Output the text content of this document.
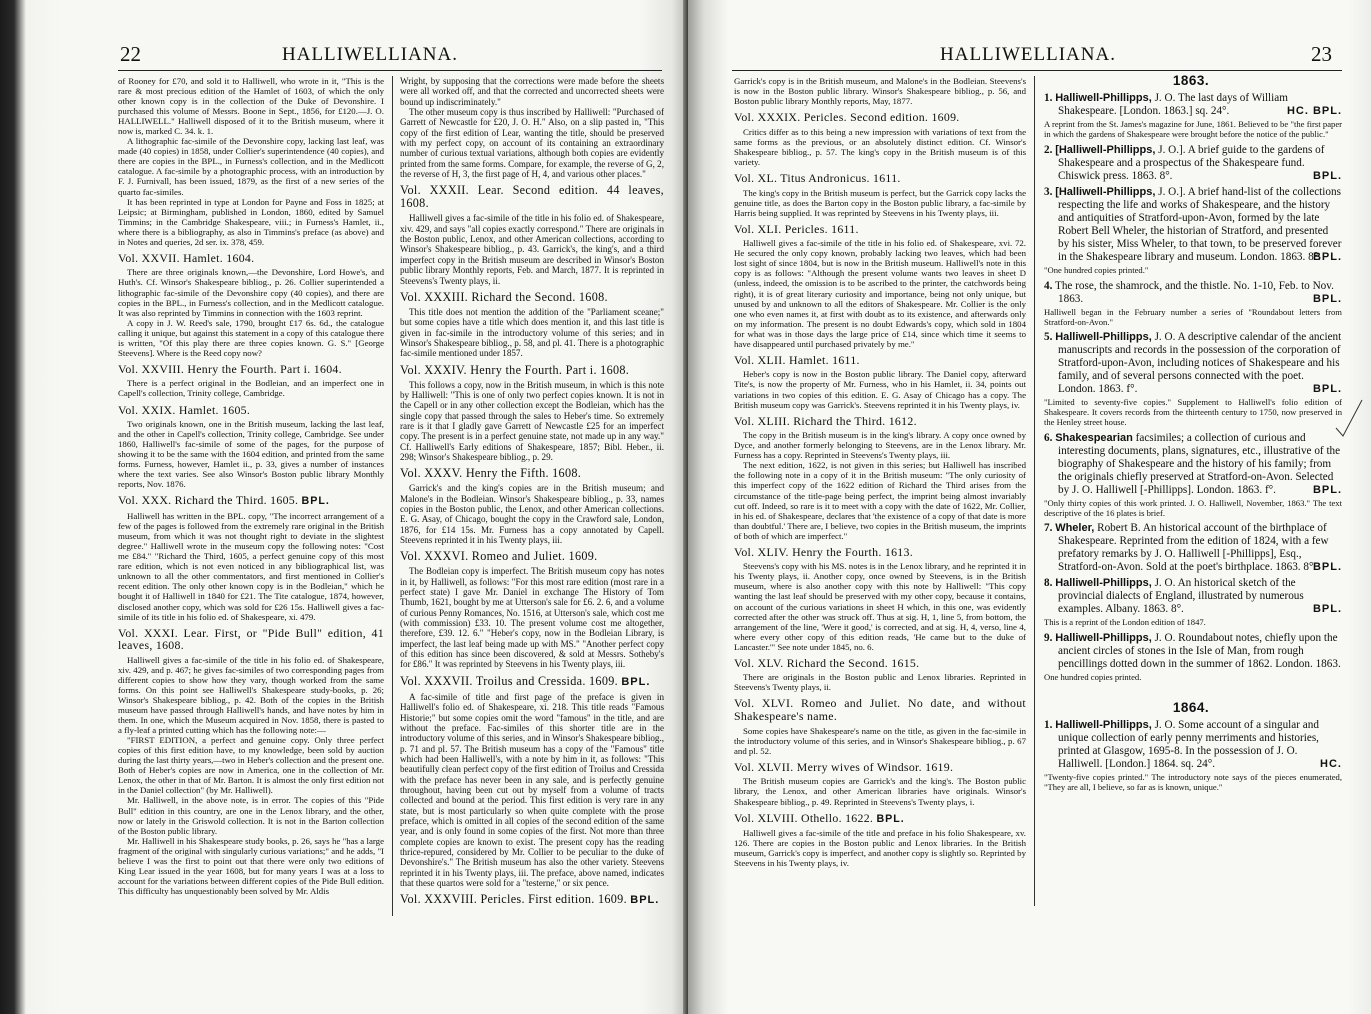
22	HALLIWELLIANA.

of Rooney for £70, and sold it to Halliwell, who wrote in it, "This is the rare & most precious edition of the Hamlet of 1603, of which the only other known copy is in the collection of the Duke of Devonshire. I purchased this volume of Messrs. Boone in Sept., 1856, for £120.—J. O. HALLIWELL." Halliwell disposed of it to the British museum, where it now is, marked C. 34. k. 1.

A lithographic fac-simile of the Devonshire copy, lacking last leaf, was made (40 copies) in 1858, under Collier's superintendence (40 copies), and there are copies in the BPL., in Furness's collection, and in the Medlicott catalogue. A fac-simile by a photographic process, with an introduction by F. J. Furnivall, has been issued, 1879, as the first of a new series of the quarto fac-similes.

It has been reprinted in type at London for Payne and Foss in 1825; at Leipsic; at Birmingham, published in London, 1860, edited by Samuel Timmins; in the Cambridge Shakespeare, viii.; in Furness's Hamlet, ii., where there is a bibliography, as also in Timmins's preface (as above) and in Notes and queries, 2d ser. ix. 378, 459.

Vol. XXVII. Hamlet. 1604.

There are three originals known,—the Devonshire, Lord Howe's, and Huth's. Cf. Winsor's Shakespeare bibliog., p. 26. Collier superintended a lithographic fac-simile of the Devonshire copy (40 copies), and there are copies in the BPL., in Furness's collection, and in the Medlicott catalogue. It was also reprinted by Timmins in connection with the 1603 reprint.

A copy in J. W. Reed's sale, 1790, brought £17 6s. 6d., the catalogue calling it unique, but against this statement in a copy of this catalogue there is written, "Of this play there are three copies known. G. S." [George Steevens]. Where is the Reed copy now?

Vol. XXVIII. Henry the Fourth. Part i. 1604.

There is a perfect original in the Bodleian, and an imperfect one in Capell's collection, Trinity college, Cambridge.

Vol. XXIX. Hamlet. 1605.

Two originals known, one in the British museum, lacking the last leaf, and the other in Capell's collection, Trinity college, Cambridge. See under 1860, Halliwell's fac-simile of some of the pages, for the purpose of showing it to be the same with the 1604 edition, and printed from the same forms. Furness, however, Hamlet ii., p. 33, gives a number of instances where the text varies. See also Winsor's Boston public library Monthly reports, Nov. 1876.

Vol. XXX. Richard the Third. 1605. BPL.

Halliwell has written in the BPL. copy, "The incorrect arrangement of a few of the pages is followed from the extremely rare original in the British museum, from which it was not thought right to deviate in the slightest degree." Halliwell wrote in the museum copy the following notes: "Cost me £84." "Richard the Third, 1605, a perfect genuine copy of this most rare edition, which is not even noticed in any bibliographical list, was unknown to all the other commentators, and first mentioned in Collier's recent edition. The only other known copy is in the Bodleian," which he bought it of Halliwell in 1840 for £21. The Tite catalogue, 1874, however, disclosed another copy, which was sold for £26 15s. Halliwell gives a fac-simile of its title in his folio ed. of Shakespeare, xi. 479.

Vol. XXXI. Lear. First, or "Pide Bull" edition, 41 leaves, 1608.

Halliwell gives a fac-simile of the title in his folio ed. of Shakespeare, xiv. 429, and p. 467; he gives fac-similes of two corresponding pages from different copies to show how they vary, though worked from the same forms. On this point see Halliwell's Shakespeare study-books, p. 26; Winsor's Shakespeare bibliog., p. 42. Both of the copies in the British museum have passed through Halliwell's hands, and have notes by him in them. In one, which the Museum acquired in Nov. 1858, there is pasted to a fly-leaf a printed cutting which has the following note:—

"FIRST EDITION, a perfect and genuine copy. Only three perfect copies of this first edition have, to my knowledge, been sold by auction during the last thirty years,—two in Heber's collection and the present one. Both of Heber's copies are now in America, one in the collection of Mr. Lenox, the other in that of Mr. Barton. It is almost the only first edition not in the Daniel collection" (by Mr. Halliwell).

Mr. Halliwell, in the above note, is in error. The copies of this "Pide Bull" edition in this country, are one in the Lenox library, and the other, now or lately in the Griswold collection. It is not in the Barton collection of the Boston public library.

Mr. Halliwell in his Shakespeare study books, p. 26, says he "has a large fragment of the original with singularly curious variations;" and he adds, "I believe I was the first to point out that there were only two editions of King Lear issued in the year 1608, but for many years I was at a loss to account for the variations between different copies of the Pide Bull edition. This difficulty has unquestionably been solved by Mr. Aldis

Wright, by supposing that the corrections were made before the sheets were all worked off, and that the corrected and uncorrected sheets were bound up indiscriminately."

The other museum copy is thus inscribed by Halliwell: "Purchased of Garrett of Newcastle for £20, J. O. H." Also, on a slip pasted in, "This copy of the first edition of Lear, wanting the title, should be preserved with my perfect copy, on account of its containing an extraordinary number of curious textual variations, although both copies are evidently printed from the same forms. Compare, for example, the reverse of G, 2, the reverse of H, 3, the first page of H, 4, and various other places."

Vol. XXXII. Lear. Second edition. 44 leaves, 1608.

Halliwell gives a fac-simile of the title in his folio ed. of Shakespeare, xiv. 429, and says "all copies exactly correspond." There are originals in the Boston public, Lenox, and other American collections, according to Winsor's Shakespeare bibliog., p. 43. Garrick's, the king's, and a third imperfect copy in the British museum are described in Winsor's Boston public library Monthly reports, Feb. and March, 1877. It is reprinted in Steevens's Twenty plays, ii.

Vol. XXXIII. Richard the Second. 1608.

This title does not mention the addition of the "Parliament sceane;" but some copies have a title which does mention it, and this last title is given in fac-simile in the introductory volume of this series; and in Winsor's Shakespeare bibliog., p. 58, and pl. 41. There is a photographic fac-simile mentioned under 1857.

Vol. XXXIV. Henry the Fourth. Part i. 1608.

This follows a copy, now in the British museum, in which is this note by Halliwell: "This is one of only two perfect copies known. It is not in the Capell or in any other collection except the Bodleian, which has the single copy that passed through the sales to Heber's time. So extremely rare is it that I gladly gave Garrett of Newcastle £25 for an imperfect copy. The present is in a perfect genuine state, not made up in any way." Cf. Halliwell's Early editions of Shakespeare, 1857; Bibl. Heber., ii. 298; Winsor's Shakespeare bibliog., p. 29.

Vol. XXXV. Henry the Fifth. 1608.

Garrick's and the king's copies are in the British museum; and Malone's in the Bodleian. Winsor's Shakespeare bibliog., p. 33, names copies in the Boston public, the Lenox, and other American collections. E. G. Asay, of Chicago, bought the copy in the Crawford sale, London, 1876, for £14 15s. Mr. Furness has a copy annotated by Capell. Steevens reprinted it in his Twenty plays, iii.

Vol. XXXVI. Romeo and Juliet. 1609.

The Bodleian copy is imperfect. The British museum copy has notes in it, by Halliwell, as follows: "For this most rare edition (most rare in a perfect state) I gave Mr. Daniel in exchange The History of Tom Thumb, 1621, bought by me at Utterson's sale for £6. 2. 6, and a volume of curious Penny Romances, No. 1516, at Utterson's sale, which cost me (with commission) £33. 10. The present volume cost me altogether, therefore, £39. 12. 6." "Heber's copy, now in the Bodleian Library, is imperfect, the last leaf being made up with MS." "Another perfect copy of this edition has since been discovered, & sold at Messrs. Sotheby's for £86." It was reprinted by Steevens in his Twenty plays, iii.

Vol. XXXVII. Troilus and Cressida. 1609. BPL.

A fac-simile of title and first page of the preface is given in Halliwell's folio ed. of Shakespeare, xi. 218. This title reads "Famous Historie;" but some copies omit the word "famous" in the title, and are without the preface. Fac-similes of this shorter title are in the introductory volume of this series, and in Winsor's Shakespeare bibliog., p. 71 and pl. 57. The British museum has a copy of the "Famous" title which had been Halliwell's, with a note by him in it, as follows: "This beautifully clean perfect copy of the first edition of Troilus and Cressida with the preface has never been in any sale, and is perfectly genuine throughout, having been cut out by myself from a volume of tracts collected and bound at the period. This first edition is very rare in any state, but is most particularly so when quite complete with the prose preface, which is omitted in all copies of the second edition of the same year, and is only found in some copies of the first. Not more than three complete copies are known to exist. The present copy has the reading thrice-repured, considered by Mr. Collier to be peculiar to the duke of Devonshire's." The British museum has also the other variety. Steevens reprinted it in his Twenty plays, iii. The preface, above named, indicates that these quartos were sold for a "testerne," or six pence.

Vol. XXXVIII. Pericles. First edition. 1609. BPL.
HALLIWELLIANA.	23

Garrick's copy is in the British museum, and Malone's in the Bodleian. Steevens's is now in the Boston public library. Winsor's Shakespeare bibliog., p. 56, and Boston public library Monthly reports, May, 1877.

Vol. XXXIX. Pericles. Second edition. 1609.

Critics differ as to this being a new impression with variations of text from the same forms as the previous, or an absolutely distinct edition. Cf. Winsor's Shakespeare bibliog., p. 57. The king's copy in the British museum is of this variety.

Vol. XL. Titus Andronicus. 1611.

The king's copy in the British museum is perfect, but the Garrick copy lacks the genuine title, as does the Barton copy in the Boston public library, a fac-simile by Harris being supplied. It was reprinted by Steevens in his Twenty plays, iii.

Vol. XLI. Pericles. 1611.

Halliwell gives a fac-simile of the title in his folio ed. of Shakespeare, xvi. 72. He secured the only copy known, probably lacking two leaves, which had been lost sight of since 1804, but is now in the British museum. Halliwell's note in this copy is as follows: "Although the present volume wants two leaves in sheet D (unless, indeed, the omission is to be ascribed to the printer, the catchwords being right), it is of great literary curiosity and importance, being not only unique, but unused by and unknown to all the editors of Shakespeare. Mr. Collier is the only one who even names it, at first with doubt as to its existence, and afterwards only on my information. The present is no doubt Edwards's copy, which sold in 1804 for what was in those days the large price of £14, since which time it seems to have disappeared until purchased privately by me."

Vol. XLII. Hamlet. 1611.

Heber's copy is now in the Boston public library. The Daniel copy, afterward Tite's, is now the property of Mr. Furness, who in his Hamlet, ii. 34, points out variations in two copies of this edition. E. G. Asay of Chicago has a copy. The British museum copy was Garrick's. Steevens reprinted it in his Twenty plays, iv.

Vol. XLIII. Richard the Third. 1612.

The copy in the British museum is in the king's library. A copy once owned by Dyce, and another formerly belonging to Steevens, are in the Lenox library. Mr. Furness has a copy. Reprinted in Steevens's Twenty plays, iii.

The next edition, 1622, is not given in this series; but Halliwell has inscribed the following note in a copy of it in the British museum: "The only curiosity of this imperfect copy of the 1622 edition of Richard the Third arises from the circumstance of the title-page being perfect, the imprint being almost invariably cut off. Indeed, so rare is it to meet with a copy with the date of 1622, Mr. Collier, in his ed. of Shakespeare, declares that 'the existence of a copy of that date is more than doubtful.' There are, I believe, two copies in the British museum, the imprints of both of which are imperfect."

Vol. XLIV. Henry the Fourth. 1613.

Steevens's copy with his MS. notes is in the Lenox library, and he reprinted it in his Twenty plays, ii. Another copy, once owned by Steevens, is in the British museum, where is also another copy with this note by Halliwell: "This copy wanting the last leaf should be preserved with my other copy, because it contains, on account of the curious variations in sheet H which, in this one, was evidently corrected after the other was struck off. Thus at sig. H, 1, line 5, from bottom, the arrangement of the line, 'Were it good,' is corrected, and at sig. H, 4, verso, line 4, where every other copy of this edition reads, 'He came but to the duke of Lancaster.'" See note under 1845, no. 6.

Vol. XLV. Richard the Second. 1615.

There are originals in the Boston public and Lenox libraries. Reprinted in Steevens's Twenty plays, ii.

Vol. XLVI. Romeo and Juliet. No date, and without Shakespeare's name.

Some copies have Shakespeare's name on the title, as given in the fac-simile in the introductory volume of this series, and in Winsor's Shakespeare bibliog., p. 67 and pl. 52.

Vol. XLVII. Merry wives of Windsor. 1619.

The British museum copies are Garrick's and the king's. The Boston public library, the Lenox, and other American libraries have originals. Winsor's Shakespeare bibliog., p. 49. Reprinted in Steevens's Twenty plays, i.

Vol. XLVIII. Othello. 1622. BPL.

Halliwell gives a fac-simile of the title and preface in his folio Shakespeare, xv. 126. There are copies in the Boston public and Lenox libraries. In the British museum, Garrick's copy is imperfect, and another copy is slightly so. Reprinted by Steevens in his Twenty plays, iv.

1863.
1. Halliwell-Phillipps, J. O. The last days of William Shakespeare. [London. 1863.] sq. 24°.	HC. BPL.
A reprint from the St. James's magazine for June, 1861. Believed to be "the first paper in which the gardens of Shakespeare were brought before the notice of the public."
2. [Halliwell-Phillipps, J. O.]. A brief guide to the gardens of Shakespeare and a prospectus of the Shakespeare fund. Chiswick press. 1863. 8°.	BPL.
3. [Halliwell-Phillipps, J. O.]. A brief hand-list of the collections respecting the life and works of Shakespeare, and the history and antiquities of Stratford-upon-Avon, formed by the late Robert Bell Wheler, the historian of Stratford, and presented by his sister, Miss Wheler, to that town, to be preserved forever in the Shakespeare library and museum. London. 1863. 8°.
BPL.
"One hundred copies printed."
4. The rose, the shamrock, and the thistle. No. 1-10, Feb. to Nov. 1863.	BPL.
Halliwell began in the February number a series of "Roundabout letters from Stratford-on-Avon."
5. Halliwell-Phillipps, J. O. A descriptive calendar of the ancient manuscripts and records in the possession of the corporation of Stratford-upon-Avon, including notices of Shakespeare and his family, and of several persons connected with the poet. London. 1863. f°.	BPL.
"Limited to seventy-five copies." Supplement to Halliwell's folio edition of Shakespeare. It covers records from the thirteenth century to 1750, now preserved in the Henley street house.
6. Shakespearian facsimiles; a collection of curious and interesting documents, plans, signatures, etc., illustrative of the biography of Shakespeare and the history of his family; from the originals chiefly preserved at Stratford-on-Avon. Selected by J. O. Halliwell [-Phillipps]. London. 1863. f°.	BPL.
"Only thirty copies of this work printed. J. O. Halliwell, November, 1863." The text descriptive of the 16 plates is brief.
7. Wheler, Robert B. An historical account of the birthplace of Shakespeare. Reprinted from the edition of 1824, with a few prefatory remarks by J. O. Halliwell [-Phillipps], Esq., Stratford-on-Avon. Sold at the poet's birthplace. 1863. 8°.
BPL.
8. Halliwell-Phillipps, J. O. An historical sketch of the provincial dialects of England, illustrated by numerous examples. Albany. 1863. 8°.	BPL.
This is a reprint of the London edition of 1847.
9. Halliwell-Phillipps, J. O. Roundabout notes, chiefly upon the ancient circles of stones in the Isle of Man, from rough pencillings dotted down in the summer of 1862. London. 1863.
One hundred copies printed.
1864.
1. Halliwell-Phillipps, J. O. Some account of a singular and unique collection of early penny merriments and histories, printed at Glasgow, 1695-8. In the possession of J. O. Halliwell. [London.] 1864. sq. 24°.	HC.
"Twenty-five copies printed." The introductory note says of the pieces enumerated, "They are all, I believe, so far as is known, unique."
